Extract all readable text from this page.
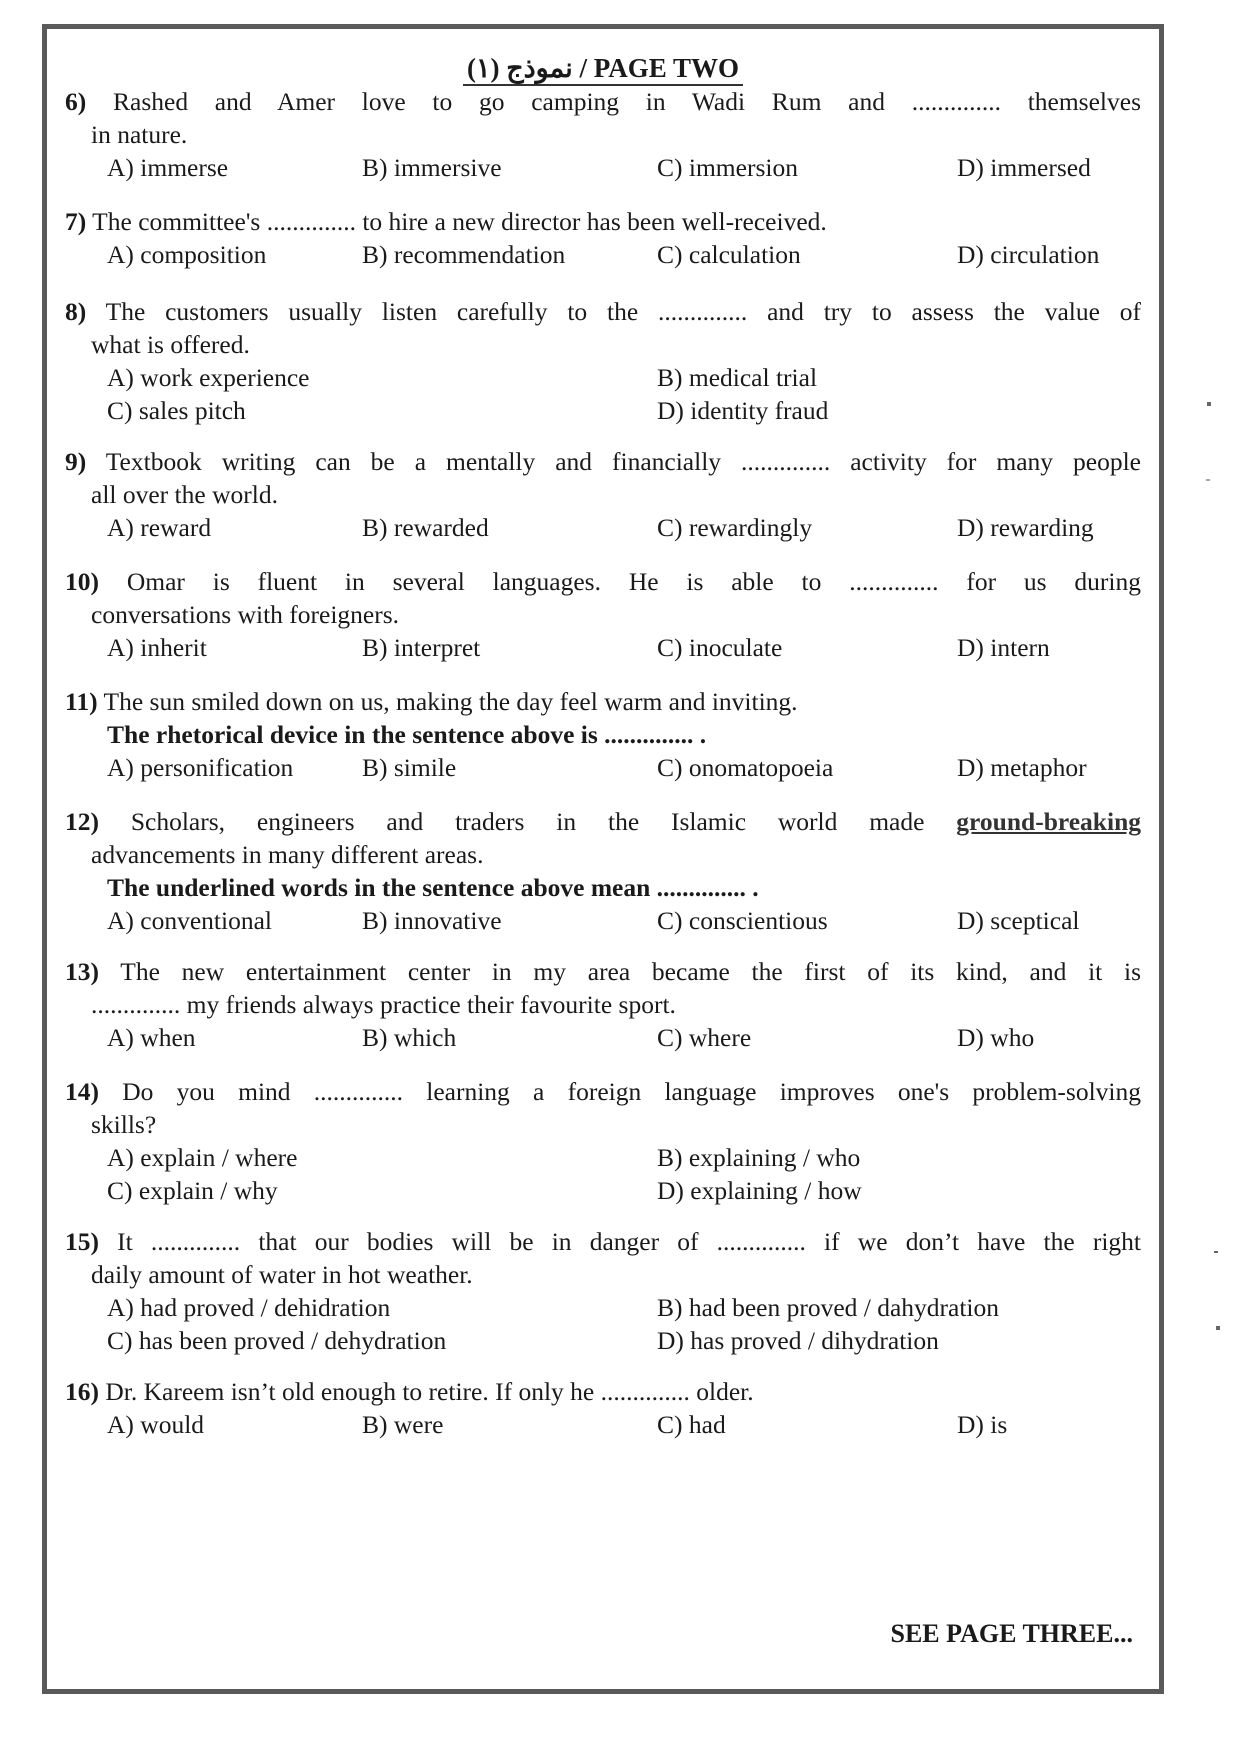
(١) نموذج / PAGE TWO
6) Rashed and Amer love to go camping in Wadi Rum and .............. themselves
in nature.
A) immerse	B) immersive	C) immersion	D) immersed
7) The committee's .............. to hire a new director has been well-received.
A) composition	B) recommendation	C) calculation	D) circulation
8) The customers usually listen carefully to the .............. and try to assess the value of
what is offered.
A) work experience	B) medical trial
C) sales pitch	D) identity fraud
9) Textbook writing can be a mentally and financially .............. activity for many people
all over the world.
A) reward	B) rewarded	C) rewardingly	D) rewarding
10) Omar is fluent in several languages. He is able to .............. for us during
conversations with foreigners.
A) inherit	B) interpret	C) inoculate	D) intern
11) The sun smiled down on us, making the day feel warm and inviting.
The rhetorical device in the sentence above is .............. .
A) personification	B) simile	C) onomatopoeia	D) metaphor
12) Scholars, engineers and traders in the Islamic world made ground-breaking
advancements in many different areas.
The underlined words in the sentence above mean .............. .
A) conventional	B) innovative	C) conscientious	D) sceptical
13) The new entertainment center in my area became the first of its kind, and it is
.............. my friends always practice their favourite sport.
A) when	B) which	C) where	D) who
14) Do you mind .............. learning a foreign language improves one's problem-solving
skills?
A) explain / where	B) explaining / who
C) explain / why	D) explaining / how
15) It .............. that our bodies will be in danger of .............. if we don’t have the right
daily amount of water in hot weather.
A) had proved / dehidration	B) had been proved / dahydration
C) has been proved / dehydration	D) has proved / dihydration
16) Dr. Kareem isn’t old enough to retire. If only he .............. older.
A) would	B) were	C) had	D) is
SEE PAGE THREE...
